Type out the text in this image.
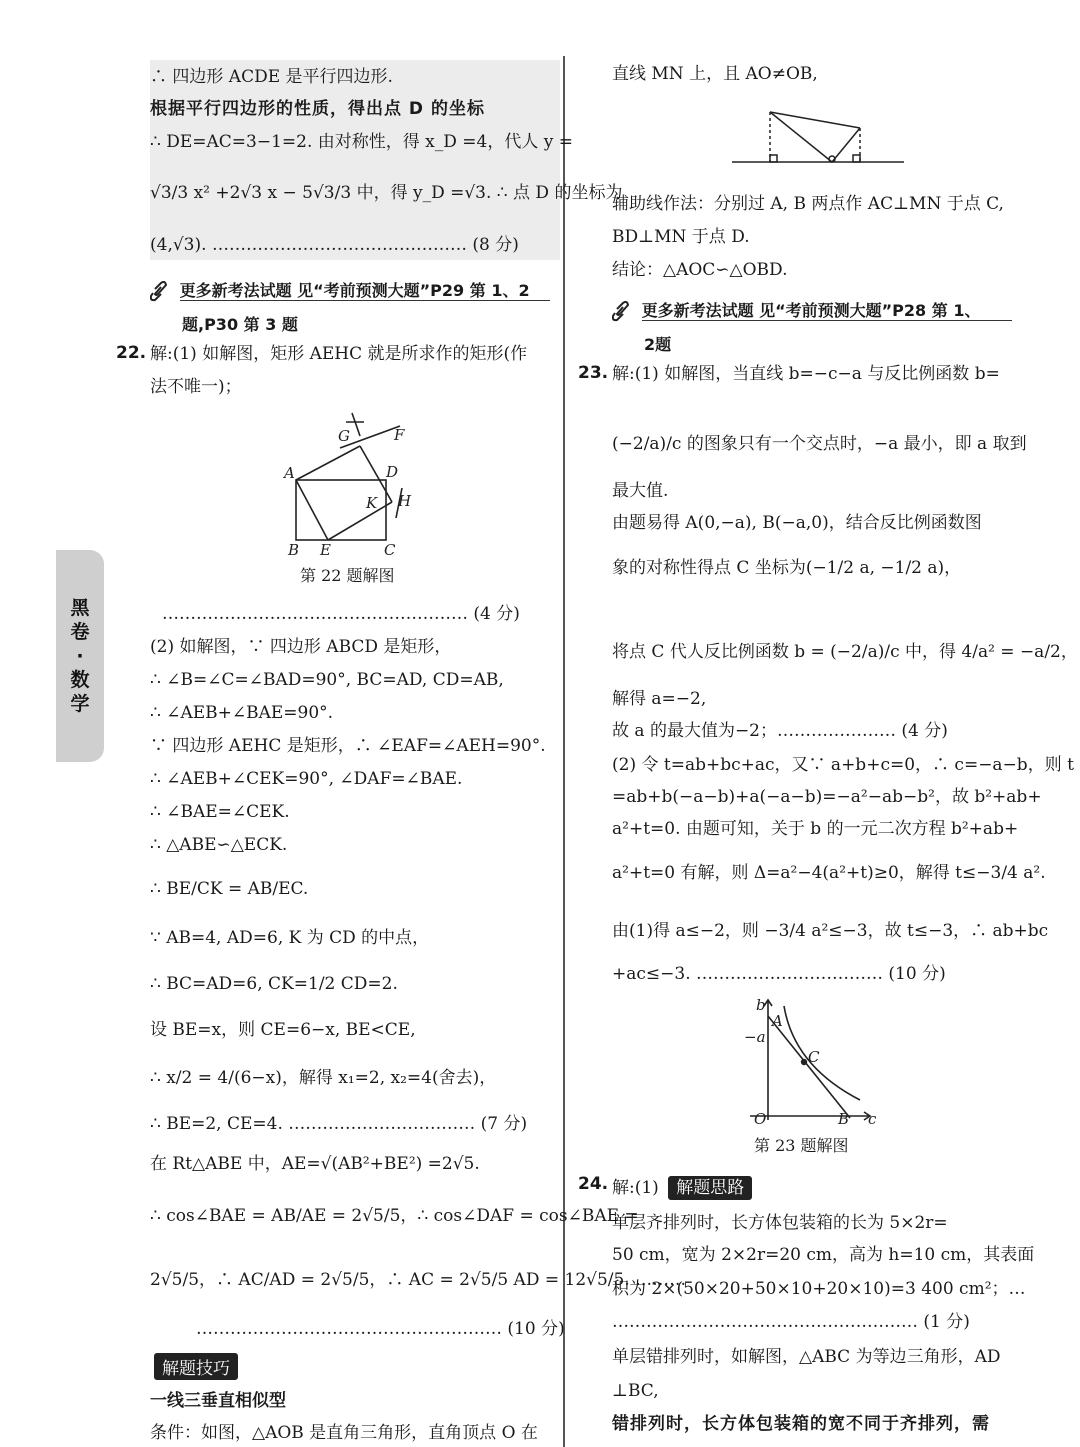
黑卷·数学
∴ 四边形 ACDE 是平行四边形.
根据平行四边形的性质，得出点 D 的坐标
∴ DE=AC=3−1=2. 由对称性，得 x_D =4，代人 y =
√3/3 x² +2√3 x − 5√3/3 中，得 y_D =√3. ∴ 点 D 的坐标为
(4,√3). ……………………………………… (8 分)
更多新考法试题 见“考前预测大题”P29 第 1、2
题,P30 第 3 题
22. 解:(1) 如解图，矩形 AEHC 就是所求作的矩形(作
法不唯一)；
A	D
B E	C
G	F
K H
第 22 题解图
……………………………………………… (4 分)
(2) 如解图，∵ 四边形 ABCD 是矩形，
∴ ∠B=∠C=∠BAD=90°, BC=AD, CD=AB,
∴ ∠AEB+∠BAE=90°.
∵ 四边形 AEHC 是矩形，∴ ∠EAF=∠AEH=90°.
∴ ∠AEB+∠CEK=90°, ∠DAF=∠BAE.
∴ ∠BAE=∠CEK.
∴ △ABE∽△ECK.
∴ BE/CK = AB/EC.
∵ AB=4, AD=6, K 为 CD 的中点，
∴ BC=AD=6, CK=1/2 CD=2.
设 BE=x，则 CE=6−x, BE<CE,
∴ x/2 = 4/(6−x)，解得 x₁=2, x₂=4(舍去)，
∴ BE=2, CE=4. …………………………… (7 分)
在 Rt△ABE 中，AE=√(AB²+BE²) =2√5.
∴ cos∠BAE = AB/AE = 2√5/5，∴ cos∠DAF = cos∠BAE =
2√5/5，∴ AC/AD = 2√5/5，∴ AC = 2√5/5 AD = 12√5/5. ………
……………………………………………… (10 分)
解题技巧
一线三垂直相似型
条件：如图，△AOB 是直角三角形，直角顶点 O 在
直线 MN 上，且 AO≠OB,
辅助线作法：分别过 A, B 两点作 AC⊥MN 于点 C,
BD⊥MN 于点 D.
结论：△AOC∽△OBD.
更多新考法试题 见“考前预测大题”P28 第 1、
2题
23. 解:(1) 如解图，当直线 b=−c−a 与反比例函数 b=
(−2/a)/c 的图象只有一个交点时，−a 最小，即 a 取到
最大值.
由题易得 A(0,−a), B(−a,0)，结合反比例函数图
象的对称性得点 C 坐标为(−1/2 a, −1/2 a)，
将点 C 代人反比例函数 b = (−2/a)/c 中，得 4/a² = −a/2，
解得 a=−2,
故 a 的最大值为−2；………………… (4 分)
(2) 令 t=ab+bc+ac，又∵ a+b+c=0，∴ c=−a−b，则 t
=ab+b(−a−b)+a(−a−b)=−a²−ab−b²，故 b²+ab+
a²+t=0. 由题可知，关于 b 的一元二次方程 b²+ab+
a²+t=0 有解，则 Δ=a²−4(a²+t)≥0，解得 t≤−3/4 a².
由(1)得 a≤−2，则 −3/4 a²≤−3，故 t≤−3，∴ ab+bc
+ac≤−3. …………………………… (10 分)
b
−a
A
C
O	B c
第 23 题解图
24. 解:(1) 解题思路
单层齐排列时，长方体包装箱的长为 5×2r=
50 cm，宽为 2×2r=20 cm，高为 h=10 cm，其表面
积为 2×(50×20+50×10+20×10)=3 400 cm²；…
……………………………………………… (1 分)
单层错排列时，如解图，△ABC 为等边三角形，AD
⊥BC,
错排列时，长方体包装箱的宽不同于齐排列，需
